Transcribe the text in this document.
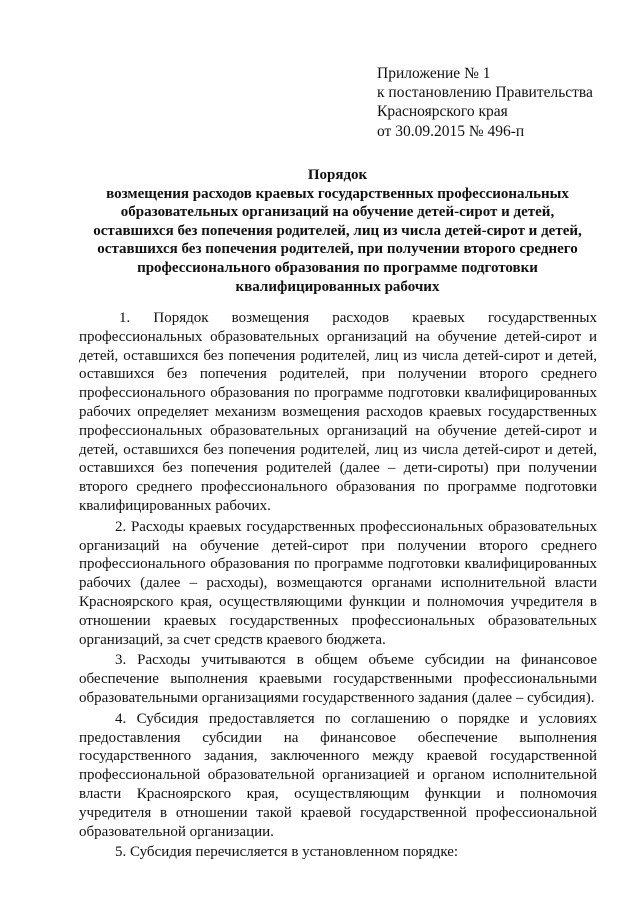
Приложение № 1
к постановлению Правительства
Красноярского края
от 30.09.2015 № 496-п
Порядок
возмещения расходов краевых государственных профессиональных
образовательных организаций на обучение детей-сирот и детей,
оставшихся без попечения родителей, лиц из числа детей-сирот и детей,
оставшихся без попечения родителей, при получении второго среднего
профессионального образования по программе подготовки
квалифицированных рабочих

1. Порядок возмещения расходов краевых государственных профессиональных образовательных организаций на обучение детей-сирот и детей, оставшихся без попечения родителей, лиц из числа детей-сирот и детей, оставшихся без попечения родителей, при получении второго среднего профессионального образования по программе подготовки квалифицированных рабочих определяет механизм возмещения расходов краевых государственных профессиональных образовательных организаций на обучение детей-сирот и детей, оставшихся без попечения родителей, лиц из числа детей-сирот и детей, оставшихся без попечения родителей (далее – дети-сироты) при получении второго среднего профессионального образования по программе подготовки квалифицированных рабочих.

2. Расходы краевых государственных профессиональных образовательных организаций на обучение детей-сирот при получении второго среднего профессионального образования по программе подготовки квалифицированных рабочих (далее – расходы), возмещаются органами исполнительной власти Красноярского края, осуществляющими функции и полномочия учредителя в отношении краевых государственных профессиональных образовательных организаций, за счет средств краевого бюджета.

3. Расходы учитываются в общем объеме субсидии на финансовое обеспечение выполнения краевыми государственными профессиональными образовательными организациями государственного задания (далее – субсидия).

4. Субсидия предоставляется по соглашению о порядке и условиях предоставления субсидии на финансовое обеспечение выполнения государственного задания, заключенного между краевой государственной профессиональной образовательной организацией и органом исполнительной власти Красноярского края, осуществляющим функции и полномочия учредителя в отношении такой краевой государственной профессиональной образовательной организации.

5. Субсидия перечисляется в установленном порядке:
